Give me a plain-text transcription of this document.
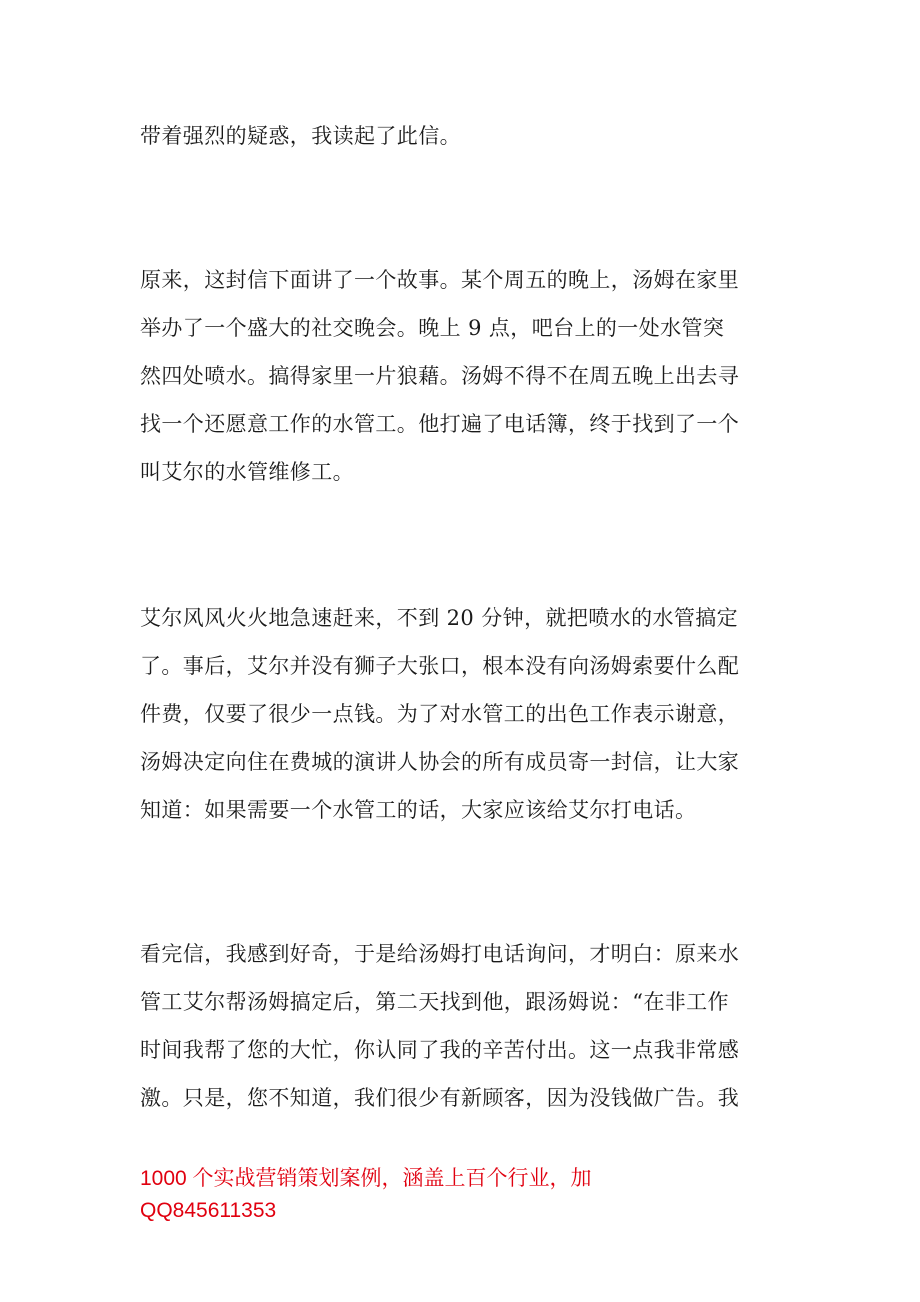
带着强烈的疑惑，我读起了此信。

原来，这封信下面讲了一个故事。某个周五的晚上，汤姆在家里
举办了一个盛大的社交晚会。晚上 9 点，吧台上的一处水管突
然四处喷水。搞得家里一片狼藉。汤姆不得不在周五晚上出去寻
找一个还愿意工作的水管工。他打遍了电话簿，终于找到了一个
叫艾尔的水管维修工。

艾尔风风火火地急速赶来，不到 20 分钟，就把喷水的水管搞定
了。事后，艾尔并没有狮子大张口，根本没有向汤姆索要什么配
件费，仅要了很少一点钱。为了对水管工的出色工作表示谢意，
汤姆决定向住在费城的演讲人协会的所有成员寄一封信，让大家
知道：如果需要一个水管工的话，大家应该给艾尔打电话。

看完信，我感到好奇，于是给汤姆打电话询问，才明白：原来水
管工艾尔帮汤姆搞定后，第二天找到他，跟汤姆说：“在非工作
时间我帮了您的大忙，你认同了我的辛苦付出。这一点我非常感
激。只是，您不知道，我们很少有新顾客，因为没钱做广告。我

1000 个实战营销策划案例，涵盖上百个行业，加
QQ845611353
